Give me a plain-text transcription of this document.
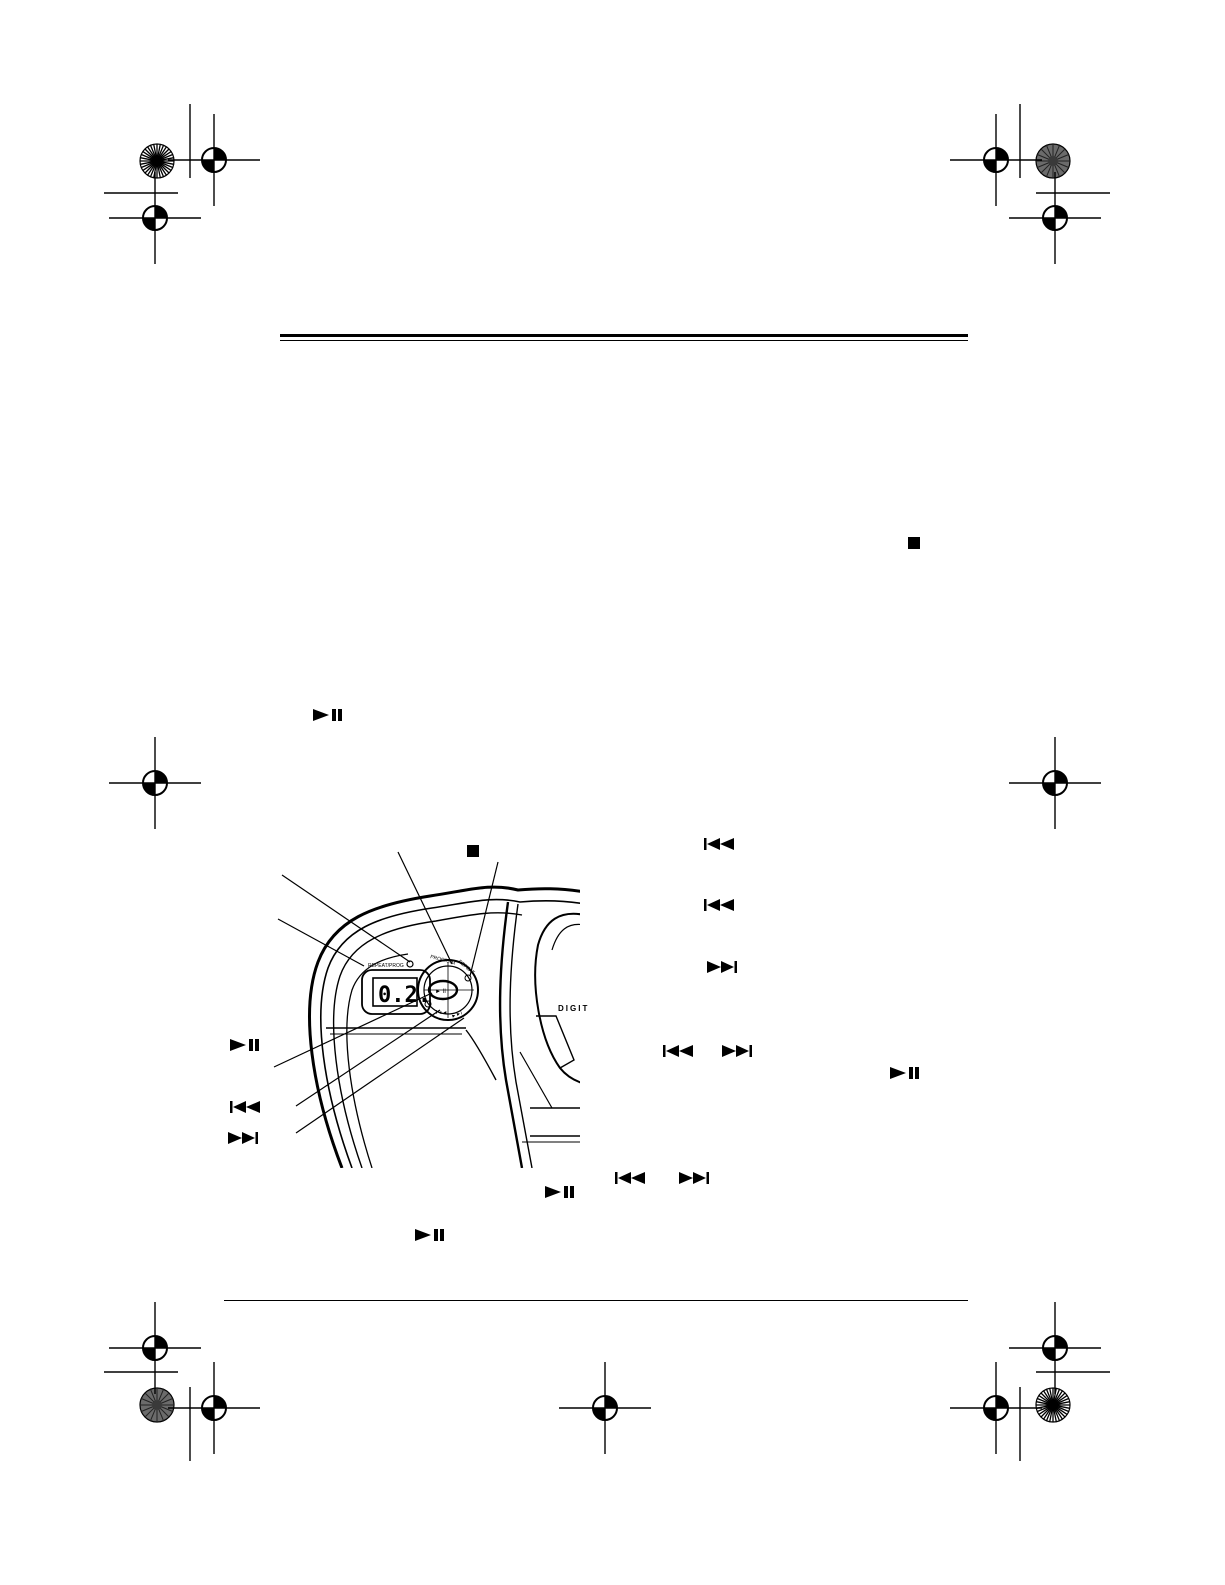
0.2.
REPEAT/PROG	PROGRAM REPEAT
► II
I◄◄ ►►I
DIGIT
